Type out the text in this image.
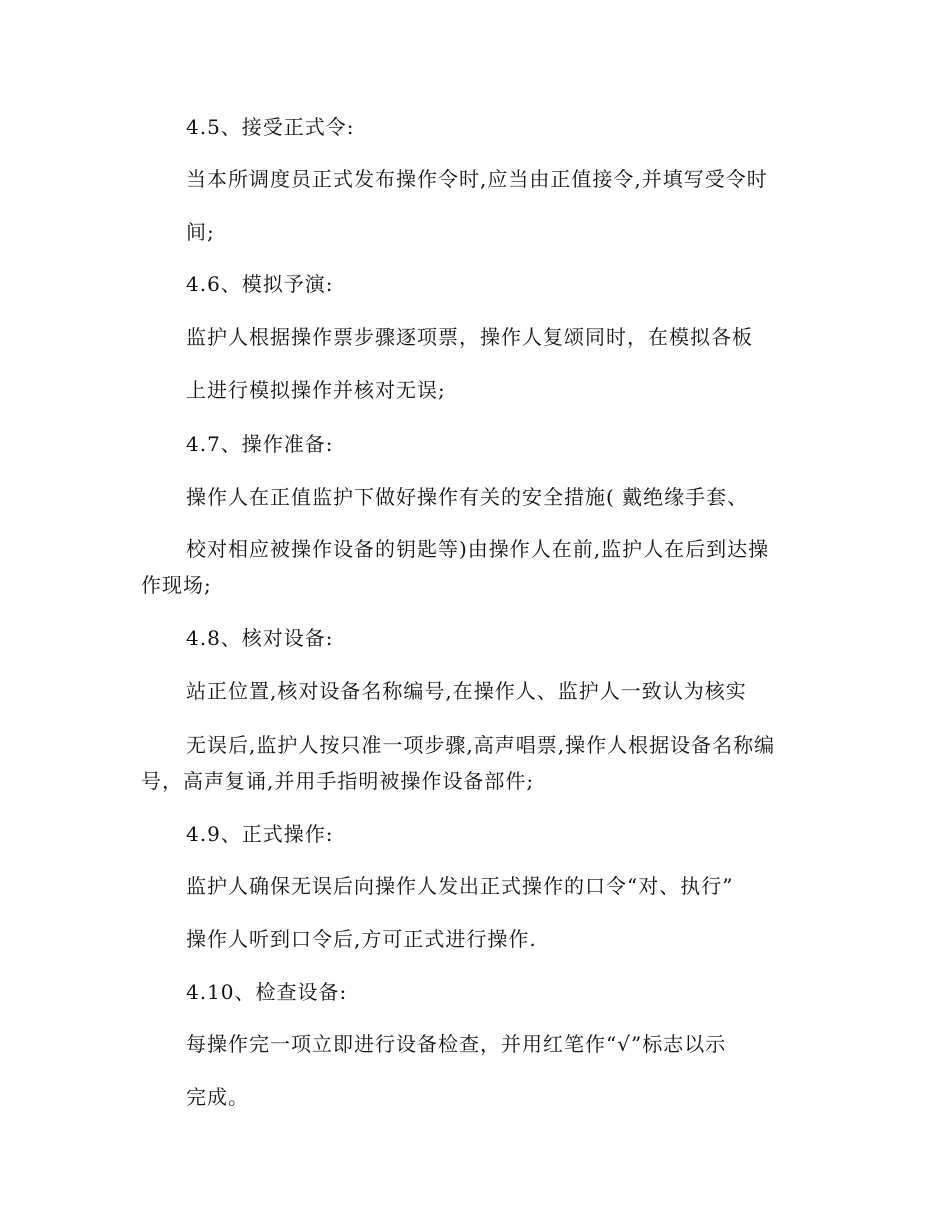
4.5、接受正式令:

当本所调度员正式发布操作令时,应当由正值接令,并填写受令时

间;

4.6、模拟予演:

监护人根据操作票步骤逐项票，操作人复颂同时，在模拟各板

上进行模拟操作并核对无误;

4.7、操作准备:

操作人在正值监护下做好操作有关的安全措施( 戴绝缘手套、

校对相应被操作设备的钥匙等)由操作人在前,监护人在后到达操

作现场;

4.8、核对设备:

站正位置,核对设备名称编号,在操作人、监护人一致认为核实

无误后,监护人按只准一项步骤,高声唱票,操作人根据设备名称编

号，高声复诵,并用手指明被操作设备部件;

4.9、正式操作:

监护人确保无误后向操作人发出正式操作的口令“对、执行”

操作人听到口令后,方可正式进行操作.

4.10、检查设备:

每操作完一项立即进行设备检查，并用红笔作“√”标志以示

完成。
